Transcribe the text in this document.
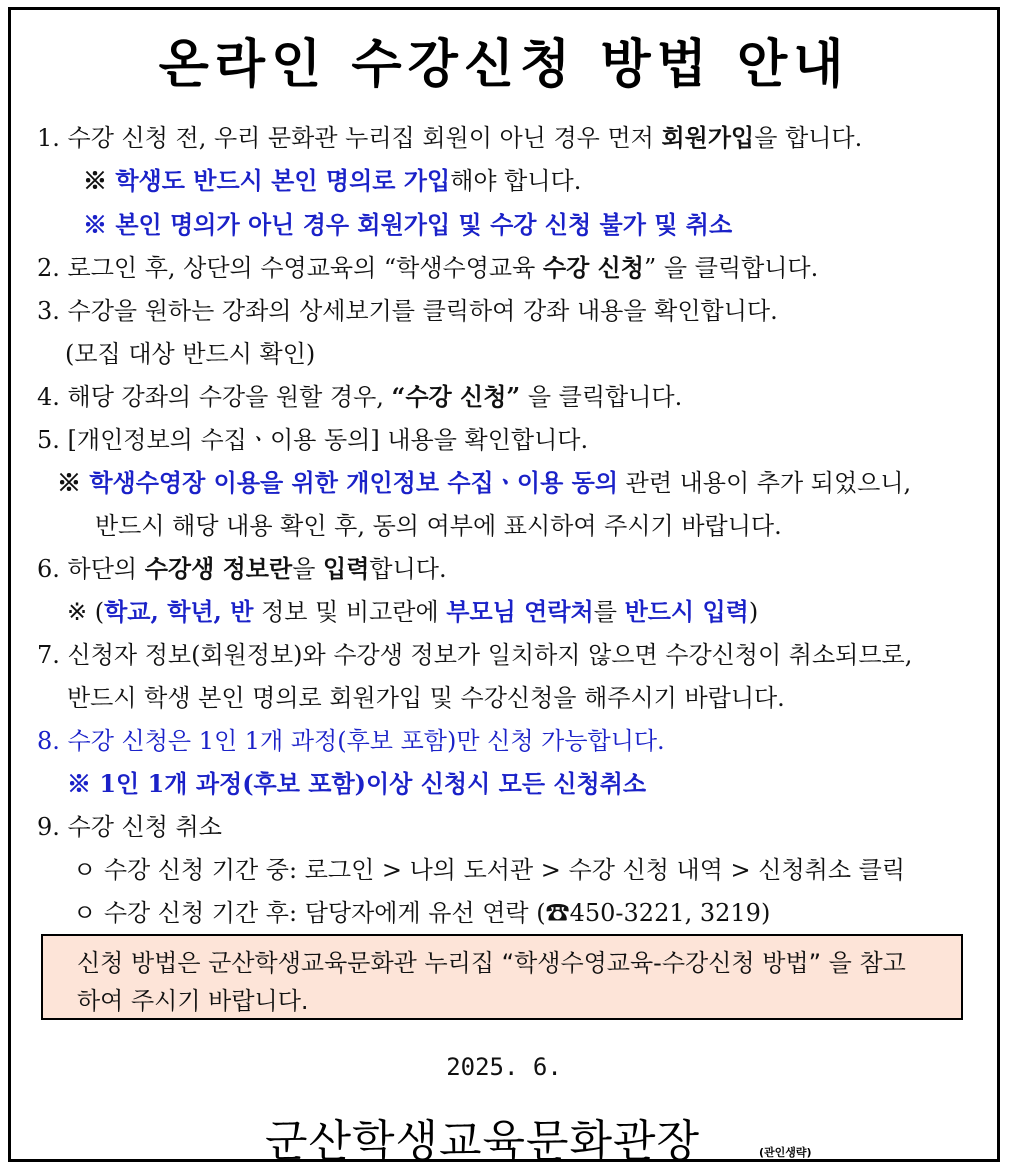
온라인 수강신청 방법 안내
1. 수강 신청 전, 우리 문화관 누리집 회원이 아닌 경우 먼저 회원가입을 합니다.
※ 학생도 반드시 본인 명의로 가입해야 합니다.
※ 본인 명의가 아닌 경우 회원가입 및 수강 신청 불가 및 취소
2. 로그인 후, 상단의 수영교육의 “학생수영교육 수강 신청” 을 클릭합니다.
3. 수강을 원하는 강좌의 상세보기를 클릭하여 강좌 내용을 확인합니다.
(모집 대상 반드시 확인)
4. 해당 강좌의 수강을 원할 경우, “수강 신청” 을 클릭합니다.
5. [개인정보의 수집ㆍ이용 동의] 내용을 확인합니다.
※ 학생수영장 이용을 위한 개인정보 수집ㆍ이용 동의 관련 내용이 추가 되었으니,
반드시 해당 내용 확인 후, 동의 여부에 표시하여 주시기 바랍니다.
6. 하단의 수강생 정보란을 입력합니다.
※ (학교, 학년, 반 정보 및 비고란에 부모님 연락처를 반드시 입력)
7. 신청자 정보(회원정보)와 수강생 정보가 일치하지 않으면 수강신청이 취소되므로,
반드시 학생 본인 명의로 회원가입 및 수강신청을 해주시기 바랍니다.
8. 수강 신청은 1인 1개 과정(후보 포함)만 신청 가능합니다.
※ 1인 1개 과정(후보 포함)이상 신청시 모든 신청취소
9. 수강 신청 취소
ㅇ 수강 신청 기간 중: 로그인 > 나의 도서관 > 수강 신청 내역 > 신청취소 클릭
ㅇ 수강 신청 기간 후: 담당자에게 유선 연락 (☎450-3221, 3219)
신청 방법은 군산학생교육문화관 누리집 “학생수영교육-수강신청 방법” 을 참고
하여 주시기 바랍니다.
2025. 6.
군산학생교육문화관장	(관인생략)
